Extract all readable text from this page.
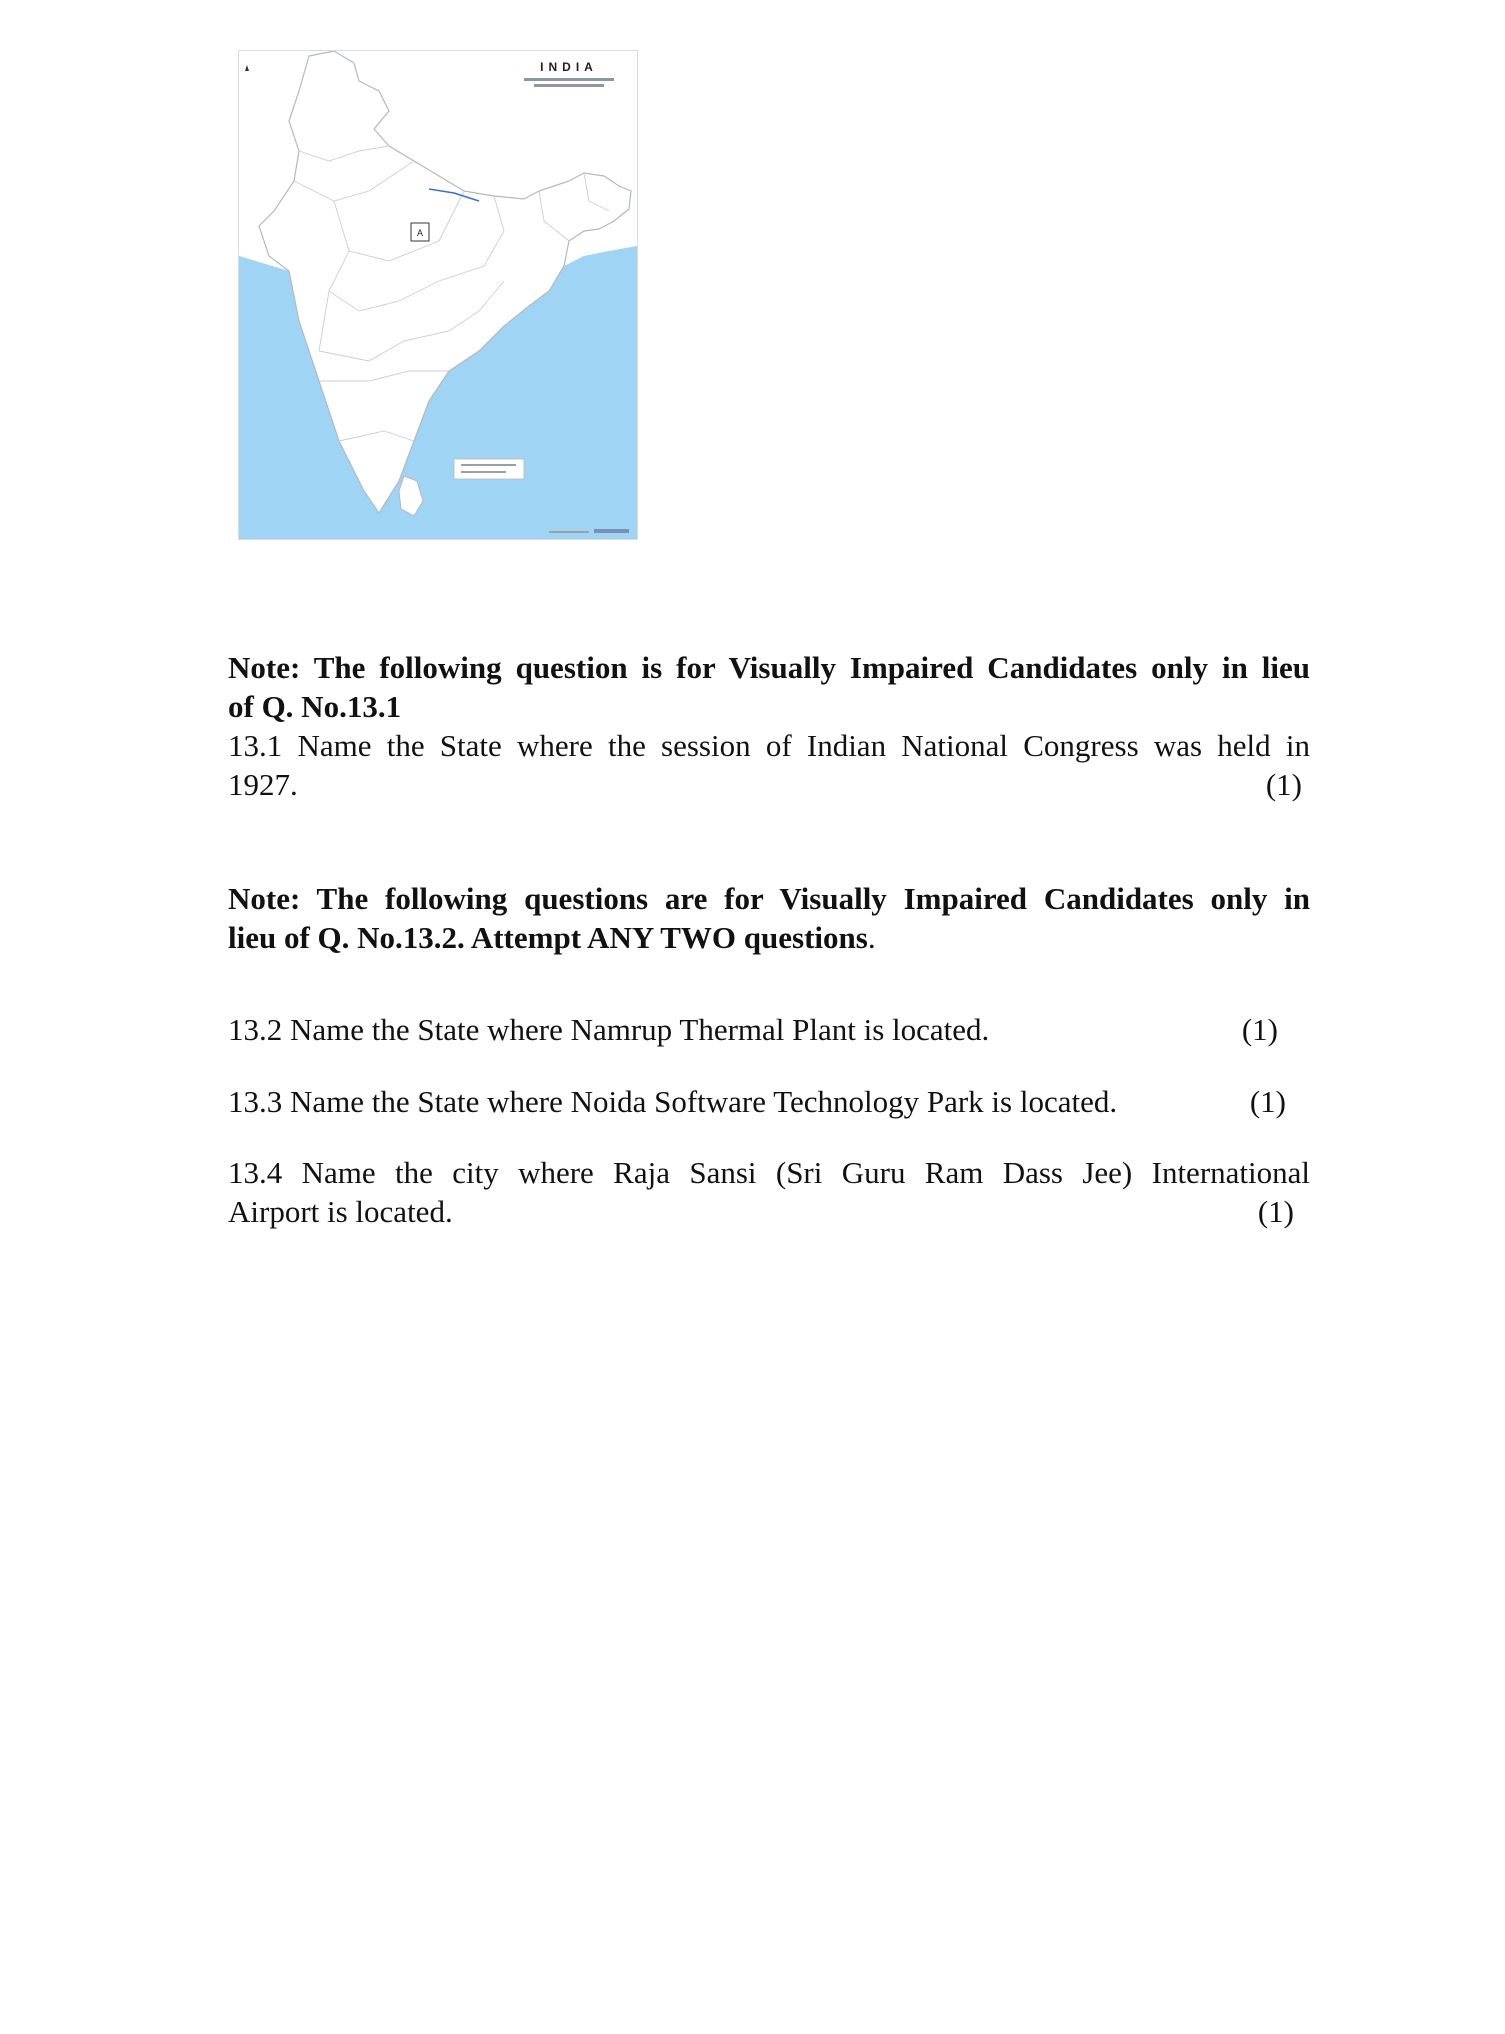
A
INDIA
Note: The following question is for Visually Impaired Candidates only in lieu
of Q. No.13.1
13.1 Name the State where the session of Indian National Congress was held in
1927.	(1)
Note: The following questions are for Visually Impaired Candidates only in
lieu of Q. No.13.2. Attempt ANY TWO questions.
13.2 Name the State where Namrup Thermal Plant is located.	(1)
13.3 Name the State where Noida Software Technology Park is located.	(1)
13.4 Name the city where Raja Sansi (Sri Guru Ram Dass Jee) International
Airport is located.	(1)
